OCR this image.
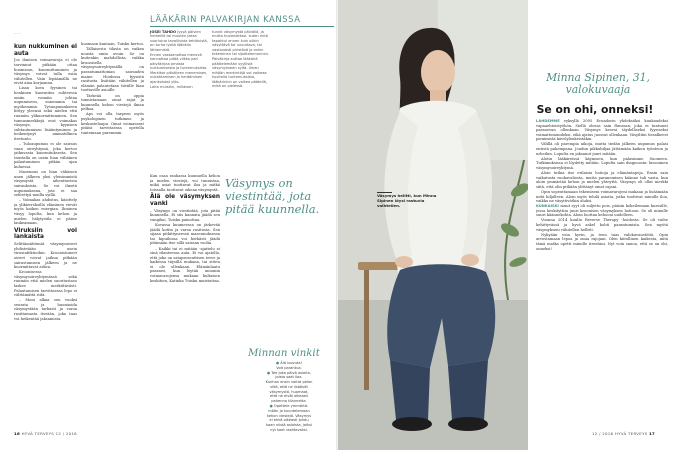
...
kun nukkuminen ei auta

Jos ihmisen voimavaroja ei ole tarvinnut pitkään ottaa huomioon, kuormittuminen ja väsymys voivat tulla esiin vähitellen. Vain lepäämällä ne eivät aina korjaannu.

Lisan kova fyysinen tai henkinen kuormitus suhteessa omiin voimiin johtaa uupumiseen, ennemmin tai myöhemmin. Työuupumukseen liittyy yleensä sekä mielen että ruumiin ylikuormittuminen. Sen tunnusmerkkejä ovat voimakas väsymys, kyynisen suhtautumisen lisääntyminen ja heikentynyt ammatillinen itsetunto.

– Tuloaupumus ei ole sairaus vaan oireyhtymä, joka kertoo jatkuvasta kuormituksesta. Sen taustalla on usein liian vähäinen palautuminen pitkän ajan kuluessa.

Masennus on liian vähäisen unen jälkeen yksi yleisimmistä väsymystä aiheuttavista sairauksista. Se voi ilmetä uupumuksena, jota ei saa selitettyä muilla syillä.

– Voimakas ahdistus, käsittely ja ylikierroksilla eläminen vievät myös kaiken energian. Ihminen väsyy lopulta, kun kehon ja mielen hälytystila ei pääse laukeamaan.

Viruksiin voi lankaista

Selittämättömät väsymysoireet yhdistetään usein virusinfektioihin. Kroonistuneet oireet voivat jatkua pitkään sairastumisen jälkeen ja ne kuormittavat arkea.

Kroonisessa väsymysoireyhtymässä sekä ruumiin että mielen suoritustaso laskee merkittävästi. Palautumisen tarvittaessa lepo ei välttämättä riitä.

– Moni alkaa sen vuoksi seurata ja huomioida väsymystään tarkasti ja varoa rasittamasta itseään, joka taas voi heikentää jaksamista.

huomaon kuntaan, Tuisku kertoo.

Tällaisesta tilasta on vaikea nousta omin avuin. Se on kuitenkin mahdollista, vaikka kroonisella väsymysoireyhtymällä on parantumattoman sairauden maine. Hoidossa fyysistä rasitusta lisätään vähitellen ja elämän palautetaan tiiviille liian tuottaville asioille.

Tärkeää on oppia tunnistamaan omat rajat ja kuunnella kehon viestejä ilman pelkoa.

Aps voi olla tarpeen myös psykologinen tutkimus ja keskusteluapu. Omat voimavarat pitäisi tarvittaessa opetella tuntemaan paremmin.

Kun osaa rauhassa kuunnella kehon ja mielen viestejä, voi tunnistaa, mikä asiat tuottavat iloa ja mitkä toissalla tuottavat oikeaa väsymystä.

Älä ole väsymyksen vanki

– Väsymys on viestintää, jota pitää kuunnella. Ei siis kannata jäädä sen vangiksi, Tuisku painottaa.

Kovassa kuumeessa on järkevää jäädä kotiin ja varoa rasitusta. Sen sijaan pitkittyneessä masennuksessa tai kipuilussa voi herkästi jäädä pitämään itse sillä sairaan roolia.

– Kaikki tai ei mitään -ajattelu ei sinä tilanteessa auta. Ei voi ajatella, että joko on sataprosenttisen terve ja kaikessa täysillä mukana, tai sitten ei ole ollenkaan. Elämänlaatu paranee, kun löytää uniomin voimavarojensa mukaan kultaisen keskitien, Katinka Tuisku muistuttaa.

LÄÄKÄRIN PALVAKIRJAN KANSSA

JOSEI TAHDO jysyä päivien herkeillä tai muuten jaksa suoriutua tavallisista tehtävistä, on turha lyköä lääkärin lähtemistä.

Ennen vastaanottoa menevä kannattaa pitää viikko pari päiväkirjaa omasta nukkumisesta ja tuntemuksista. Merkitse pitkälleen menemisen, nukahtamisen ja heräämisen ajankohdat ylös.

Laita muistiin, millaisen

tunnit väsymystä päivällä, ja mutta huomioittasi. kuten mitä tapahtui ennen kuin olikin väsyttävä tai uuvuttava, tai vastavaisti piristävä ja onkin tekeminen tai sijoittelemminen.

Päiväkirja auttaa lääkäriä päättelemään syyllisiä väsymykseen syitä. Ilman mitään merkintöjä voi vaikeaa kuvitella tuntemuksista, lääkärinkin on vaikea päätellä, mikä on pielessä.

Väsymys on viestintää, jota pitää kuunnella.
Minnan vinkit

● Älä luovuta!

Voit parantua.

● Tee joka päivä asioita,

joista saat iloa.

Kunhan ensin voitat pelon

siitä, että ne lisäävät

väsymystä, huomaat,

että ne eivät oikeasti

pahenna tilannetta.

● Opettele ymmärtä-

mään ja kuuntelemaan

kehon viestejä. Väsymys

ei ehkä oikeasti johdu

kaan niistä asioista, joiksi

nyt koet rasittavaksi.

Väsymys helitti, kun Minna Sipinen löysi rastuvia vaihtelien.
Minna Sipinen, 31, valokuvaaja
Se on ohi, onneksi!

LÄHDEMME vyksyllä 2005 Ecuadorin yhdeksäksi kuukaudeksi vapaaehtoistyöhön. Siellä olessa sain flunssan, joka ei tuntunut paranevan ollenkaan. Väsymys kesvoi täydelliseksi fyysiseksi voimattomuudeksi, eikä ajatus juossut ollenkaan. Väsyiltiin tiesalkeest pienimistä kävelylenkeistäkin.

Välillä oli parempia aikoja, mutta tiedän jälkeen uupumus palasi entistä pahempana. Joudun pikkuhiljaa jättämään kaiken työnteon ja urheilun. Lopulta en jaksanut juuri mitään.

Alotin lääkäreissä käymisen, kun palasimme Suomeen. Tutkimuksissa ei löydetty mitään. Lopulta sain diagnoosin: krooninen väsymysoireyhtymä.

Aloin tutkia itse erilaisia hoitoja ja elämäntapoja. Ensin sain vaikutusta ruokavaliosta, mutta paranemisen käänne tuli vasta, kun aloin ymmärtää kehon ja mielen yhteyttä. Väsymys oli ollut merkki siitä, että olin pitkään ylittänyt omat rajani.

Opin sopeuttamaan tekemiseni voimavarojeni mukaan ja lisäämään niitä hiljalleen. Aloin myös tehdä asioita, jotka tuottivat minulle iloa, vaikka ne väsyttivätkin aluksi.

KUNKAISKI muut syyt oli suljettu pois, pääsin kokeilemaan kurssille, jossa keskityttiin juuri kroonisen väsymyksen hoitoon. Se oli minulle suuri käännekohta. Aloin luottaa kehooni uudelleen.

Vuonna 2014 kuulin Reverse Therapy -hoidosta. Se oli vaihe kehittyvässä ja hyvä askel kohti parantumista. Sen myötä väsymykseni vähitellen hellitti.

Nykyään voin hyvin, ja teen taas valokuvaustöitä. Opin arvostamaan lepoa ja omia rajojani. Olen kiitollinen kaikesta, mitä tämä matka opetti minulle itsestäni. Nyt voin sanoa, että se on ohi, onneksi!

16 HYVÄ TERVEYS 12 / 2016	12 / 2016 HYVÄ TERVEYS 17
